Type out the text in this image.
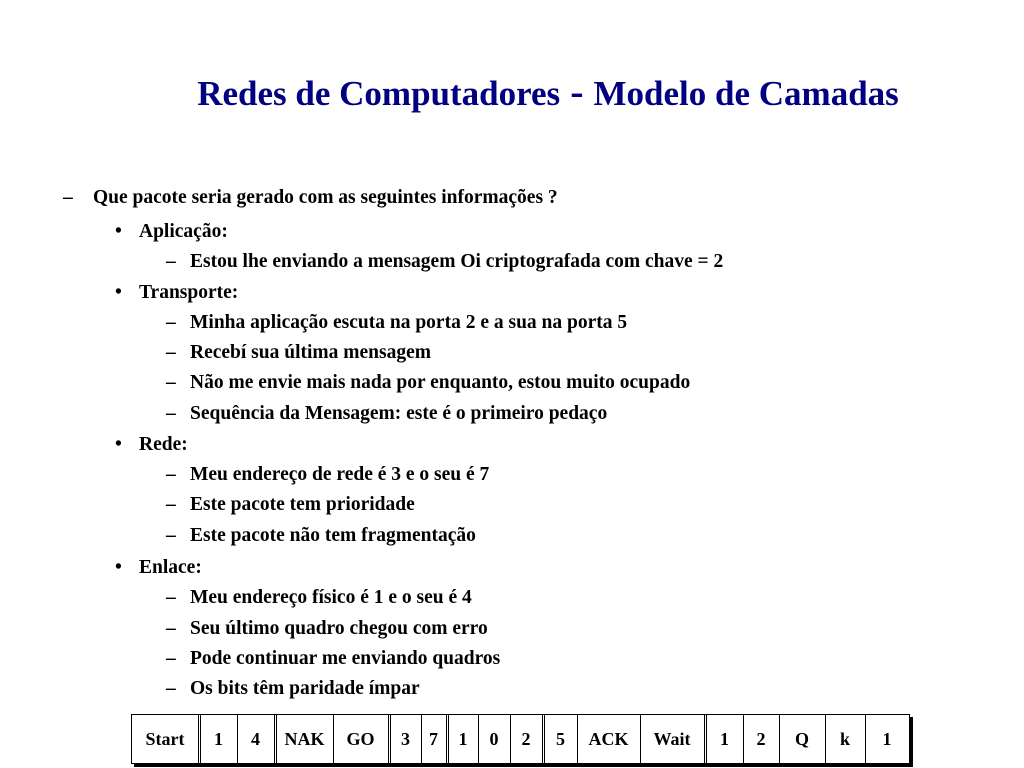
Redes de Computadores - Modelo de Camadas
– Que pacote seria gerado com as seguintes informações ?
• Aplicação:
– Estou lhe enviando a mensagem Oi criptografada com chave = 2
• Transporte:
– Minha aplicação escuta na porta 2 e a sua na porta 5
– Recebí sua última mensagem
– Não me envie mais nada por enquanto, estou muito ocupado
– Sequência da Mensagem: este é o primeiro pedaço
• Rede:
– Meu endereço de rede é 3 e o seu é 7
– Este pacote tem prioridade
– Este pacote não tem fragmentação
• Enlace:
– Meu endereço físico é 1 e o seu é 4
– Seu último quadro chegou com erro
– Pode continuar me enviando quadros
– Os bits têm paridade ímpar
Start	1	4	NAK	GO	3	7	1	0	2	5	ACK	Wait	1	2	Q	k	1
